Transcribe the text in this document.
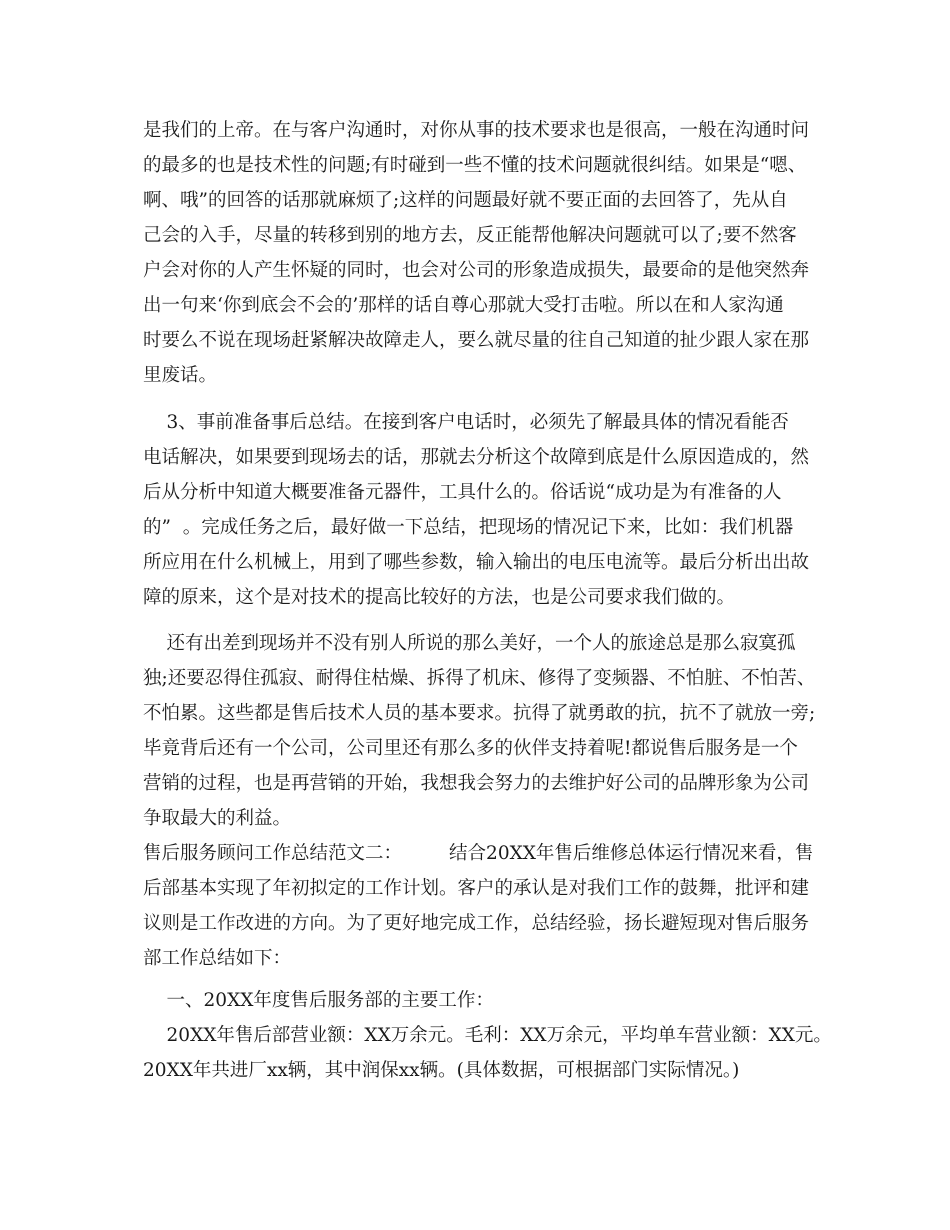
是我们的上帝。在与客户沟通时，对你从事的技术要求也是很高，一般在沟通时问
的最多的也是技术性的问题;有时碰到一些不懂的技术问题就很纠结。如果是“嗯、
啊、哦”的回答的话那就麻烦了;这样的问题最好就不要正面的去回答了，先从自
己会的入手，尽量的转移到别的地方去，反正能帮他解决问题就可以了;要不然客
户会对你的人产生怀疑的同时，也会对公司的形象造成损失，最要命的是他突然奔
出一句来‘你到底会不会的’那样的话自尊心那就大受打击啦。所以在和人家沟通
时要么不说在现场赶紧解决故障走人，要么就尽量的往自己知道的扯少跟人家在那
里废话。
3、事前准备事后总结。在接到客户电话时，必须先了解最具体的情况看能否
电话解决，如果要到现场去的话，那就去分析这个故障到底是什么原因造成的，然
后从分析中知道大概要准备元器件，工具什么的。俗话说“成功是为有准备的人
的”  。完成任务之后，最好做一下总结，把现场的情况记下来，比如：我们机器
所应用在什么机械上，用到了哪些参数，输入输出的电压电流等。最后分析出出故
障的原来，这个是对技术的提高比较好的方法，也是公司要求我们做的。
还有出差到现场并不没有别人所说的那么美好，一个人的旅途总是那么寂寞孤
独;还要忍得住孤寂、耐得住枯燥、拆得了机床、修得了变频器、不怕脏、不怕苦、
不怕累。这些都是售后技术人员的基本要求。抗得了就勇敢的抗，抗不了就放一旁;
毕竟背后还有一个公司，公司里还有那么多的伙伴支持着呢!都说售后服务是一个
营销的过程，也是再营销的开始，我想我会努力的去维护好公司的品牌形象为公司
争取最大的利益。
售后服务顾问工作总结范文二：        结合20XX年售后维修总体运行情况来看，售
后部基本实现了年初拟定的工作计划。客户的承认是对我们工作的鼓舞，批评和建
议则是工作改进的方向。为了更好地完成工作，总结经验，扬长避短现对售后服务
部工作总结如下：
一、20XX年度售后服务部的主要工作：
20XX年售后部营业额：XX万余元。毛利：XX万余元，平均单车营业额：XX元。
20XX年共进厂xx辆，其中润保xx辆。(具体数据，可根据部门实际情况。)
